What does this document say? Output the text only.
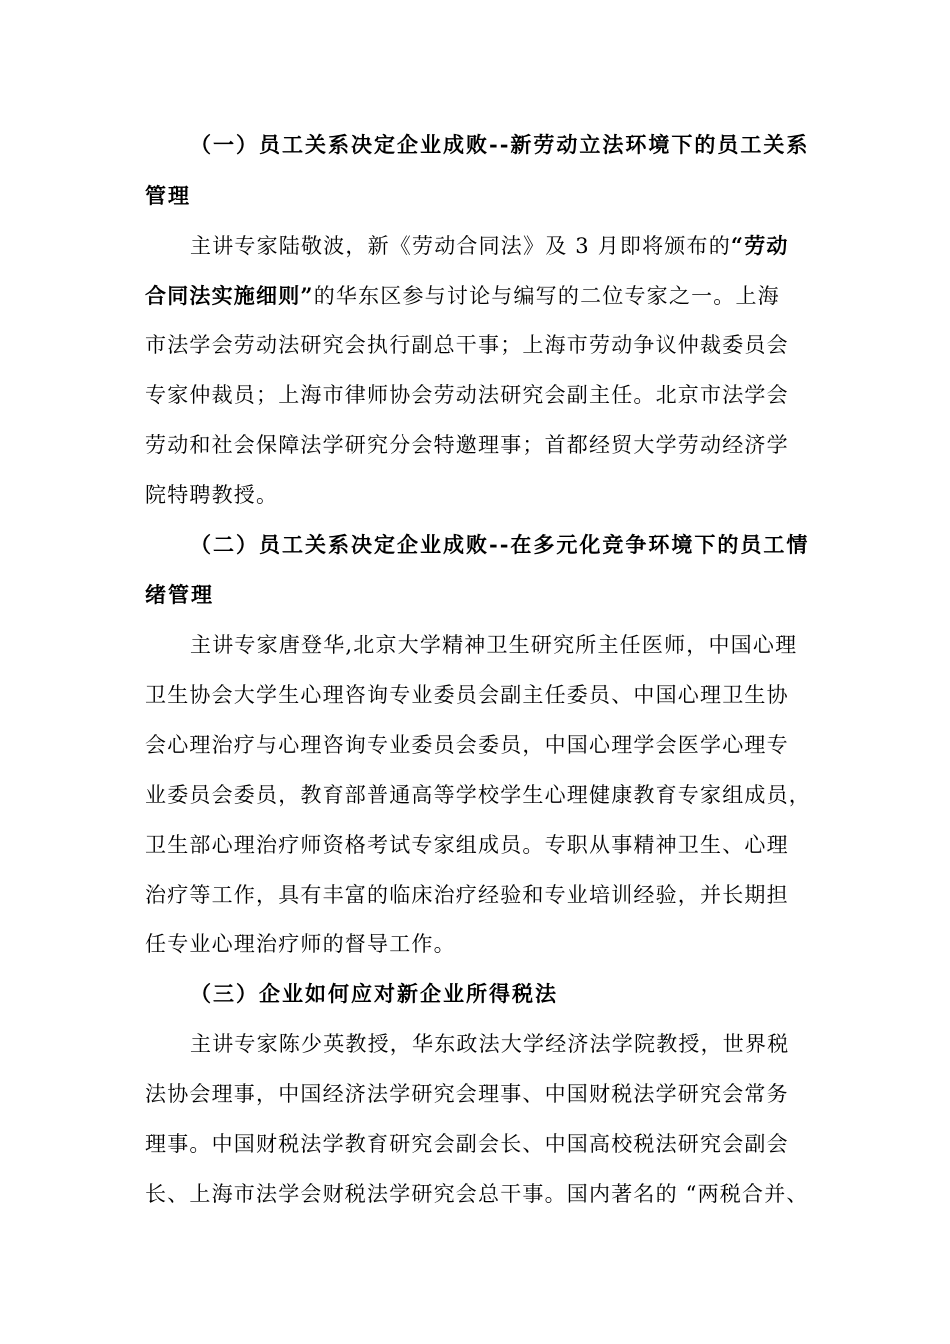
（一）员工关系决定企业成败--新劳动立法环境下的员工关系
管理
主讲专家陆敬波，新《劳动合同法》及 3 月即将颁布的“劳动
合同法实施细则”的华东区参与讨论与编写的二位专家之一。上海
市法学会劳动法研究会执行副总干事；上海市劳动争议仲裁委员会
专家仲裁员；上海市律师协会劳动法研究会副主任。北京市法学会
劳动和社会保障法学研究分会特邀理事；首都经贸大学劳动经济学
院特聘教授。
（二）员工关系决定企业成败--在多元化竞争环境下的员工情
绪管理
主讲专家唐登华,北京大学精神卫生研究所主任医师，中国心理
卫生协会大学生心理咨询专业委员会副主任委员、中国心理卫生协
会心理治疗与心理咨询专业委员会委员，中国心理学会医学心理专
业委员会委员，教育部普通高等学校学生心理健康教育专家组成员，
卫生部心理治疗师资格考试专家组成员。专职从事精神卫生、心理
治疗等工作，具有丰富的临床治疗经验和专业培训经验，并长期担
任专业心理治疗师的督导工作。
（三）企业如何应对新企业所得税法
主讲专家陈少英教授，华东政法大学经济法学院教授，世界税
法协会理事，中国经济法学研究会理事、中国财税法学研究会常务
理事。中国财税法学教育研究会副会长、中国高校税法研究会副会
长、上海市法学会财税法学研究会总干事。国内著名的 “两税合并、
